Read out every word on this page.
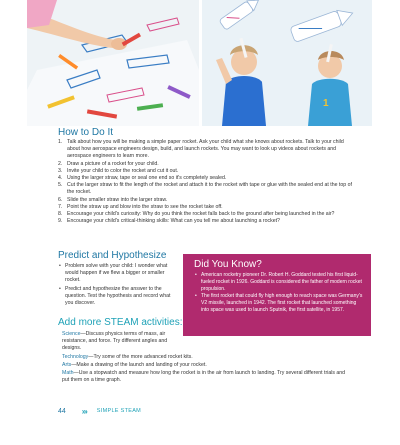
1
How to Do It
1. Talk about how you will be making a simple paper rocket. Ask your child what she knows about rockets. Talk to your child about how aerospace engineers design, build, and launch rockets. You may want to look up videos about rockets and aerospace engineers to learn more.
2. Draw a picture of a rocket for your child.
3. Invite your child to color the rocket and cut it out.
4. Using the larger straw, tape or seal one end so it's completely sealed.
5. Cut the larger straw to fit the length of the rocket and attach it to the rocket with tape or glue with the sealed end at the top of the rocket.
6. Slide the smaller straw into the larger straw.
7. Point the straw up and blow into the straw to see the rocket take off.
8. Encourage your child's curiosity: Why do you think the rocket falls back to the ground after being launched in the air?
9. Encourage your child's critical-thinking skills: What can you tell me about launching a rocket?
Predict and Hypothesize
• Problem solve with your child: I wonder what would happen if we flew a bigger or smaller rocket.
• Predict and hypothesize the answer to the question. Test the hypothesis and record what you discover.
Did You Know?
• American rocketry pioneer Dr. Robert H. Goddard tested his first liquid-fueled rocket in 1926. Goddard is considered the father of modern rocket propulsion.
• The first rocket that could fly high enough to reach space was Germany's V2 missile, launched in 1942. The first rocket that launched something into space was used to launch Sputnik, the first satellite, in 1957.
Add more STEAM activities:

Science—Discuss physics terms of mass, air resistance, and force. Try different angles and designs.

Technology—Try some of the more advanced rocket kits.

Arts—Make a drawing of the launch and landing of your rocket.

Math—Use a stopwatch and measure how long the rocket is in the air from launch to landing. Try several different trials and put them on a time graph.

44 ››› SIMPLE STEAM
